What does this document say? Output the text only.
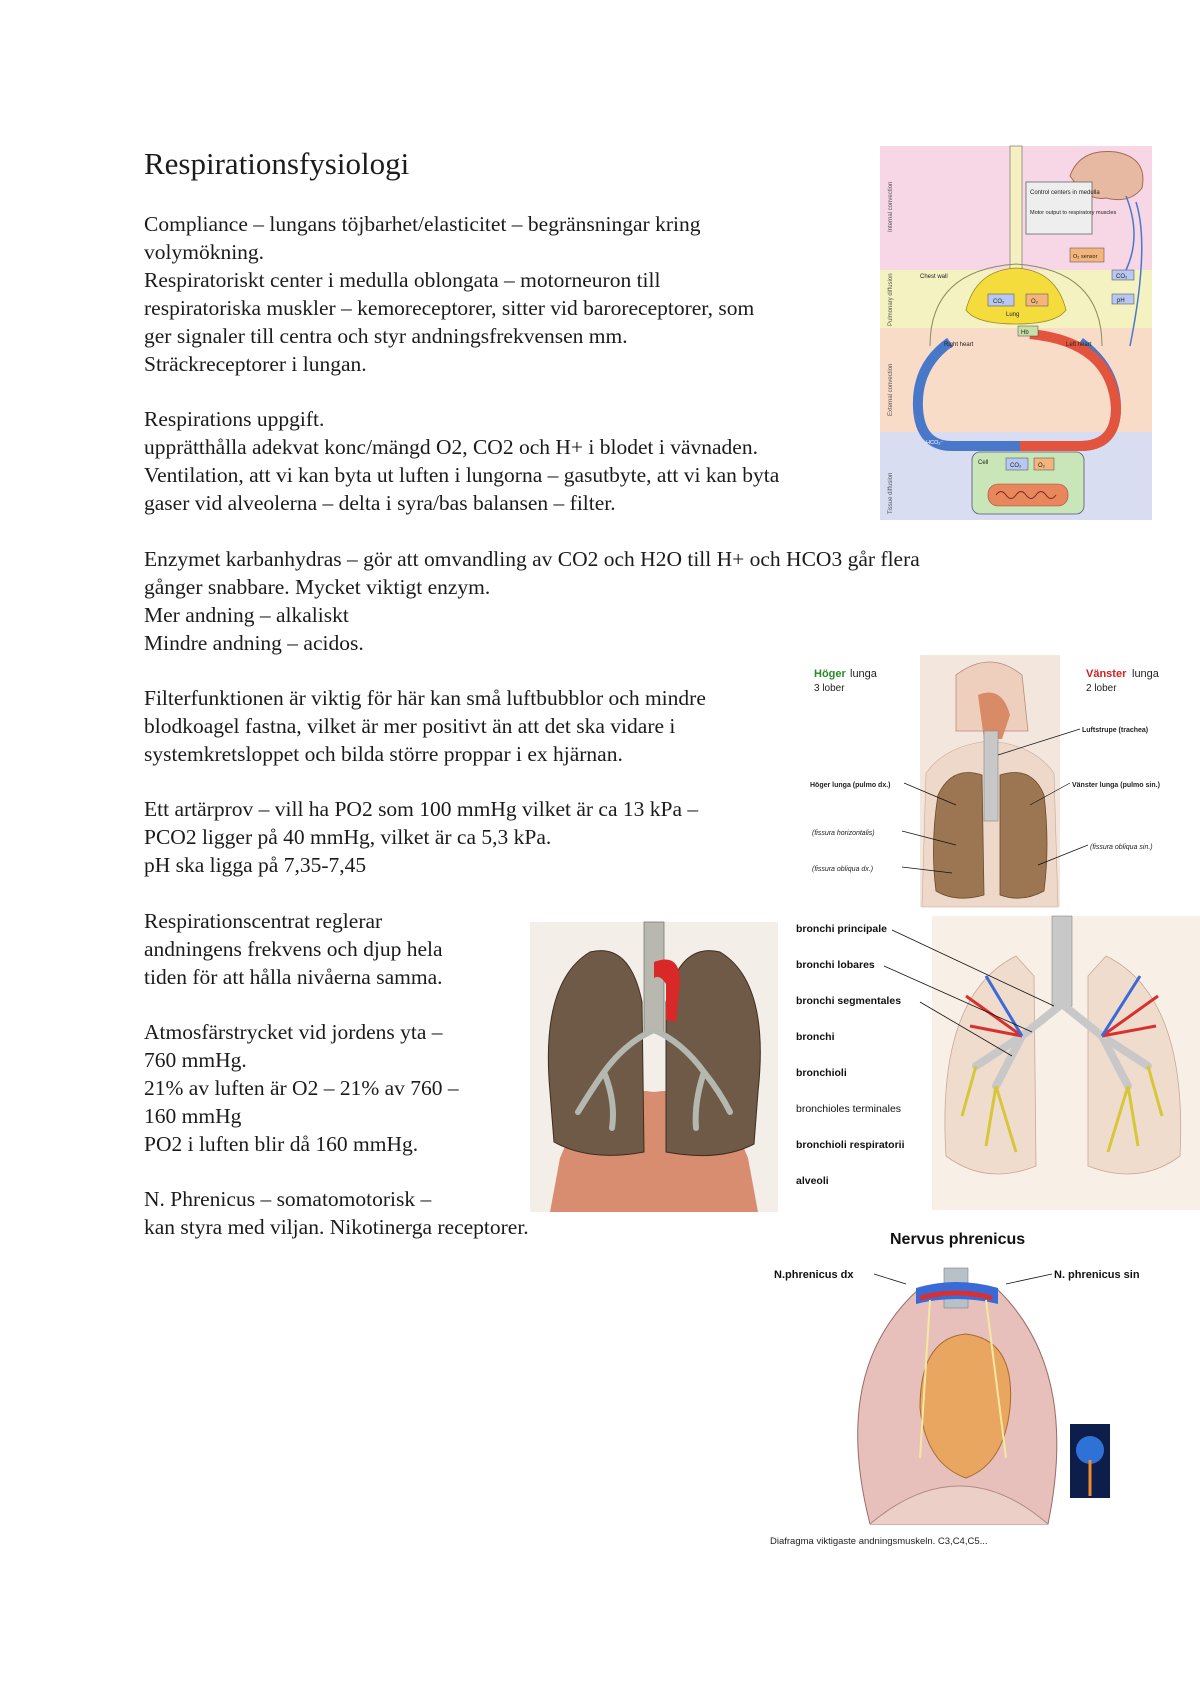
Respirationsfysiologi
Compliance – lungans töjbarhet/elasticitet – begränsningar kring
volymökning.
Respiratoriskt center i medulla oblongata – motorneuron till
respiratoriska muskler – kemoreceptorer, sitter vid baroreceptorer, som
ger signaler till centra och styr andningsfrekvensen mm.
Sträckreceptorer i lungan.
Respirations uppgift.
upprätthålla adekvat konc/mängd O2, CO2 och H+ i blodet i vävnaden.
Ventilation, att vi kan byta ut luften i lungorna – gasutbyte, att vi kan byta
gaser vid alveolerna – delta i syra/bas balansen – filter.
Enzymet karbanhydras – gör att omvandling av CO2 och H2O till H+ och HCO3 går flera
gånger snabbare. Mycket viktigt enzym.
Mer andning – alkaliskt
Mindre andning – acidos.
Filterfunktionen är viktig för här kan små luftbubblor och mindre
blodkoagel fastna, vilket är mer positivt än att det ska vidare i
systemkretsloppet och bilda större proppar i ex hjärnan.
Ett artärprov – vill ha PO2 som 100 mmHg vilket är ca 13 kPa –
PCO2 ligger på 40 mmHg, vilket är ca 5,3 kPa.
pH ska ligga på 7,35-7,45
Respirationscentrat reglerar
andningens frekvens och djup hela
tiden för att hålla nivåerna samma.
Atmosfärstrycket vid jordens yta –
760 mmHg.
21% av luften är O2 – 21% av 760 –
160 mmHg
PO2 i luften blir då 160 mmHg.
N. Phrenicus – somatomotorisk –
kan styra med viljan. Nikotinerga receptorer.
Internal convection
Pulmonary diffusion
External convection
Tissue diffusion
Control centers in medulla
Motor output to respiratory muscles
Chest wall
Lung
CO₂	O₂
O₂ sensor
CO₂
pH
Hb
Right heart	Left heart
HCO₃⁻
Cell	CO₂	O₂
Höger lunga
3 lober
Vänster lunga
2 lober
Luftstrupe (trachea)
Höger lunga (pulmo dx.)	Vänster lunga (pulmo sin.)
(fissura horizontalis)
(fissura obliqua sin.)
(fissura obliqua dx.)
bronchi principale
bronchi lobares
bronchi segmentales
bronchi
bronchioli
bronchioles terminales
bronchioli respiratorii
alveoli
Nervus phrenicus
N.phrenicus dx	N. phrenicus sin
Diafragma viktigaste andningsmuskeln. C3,C4,C5...
